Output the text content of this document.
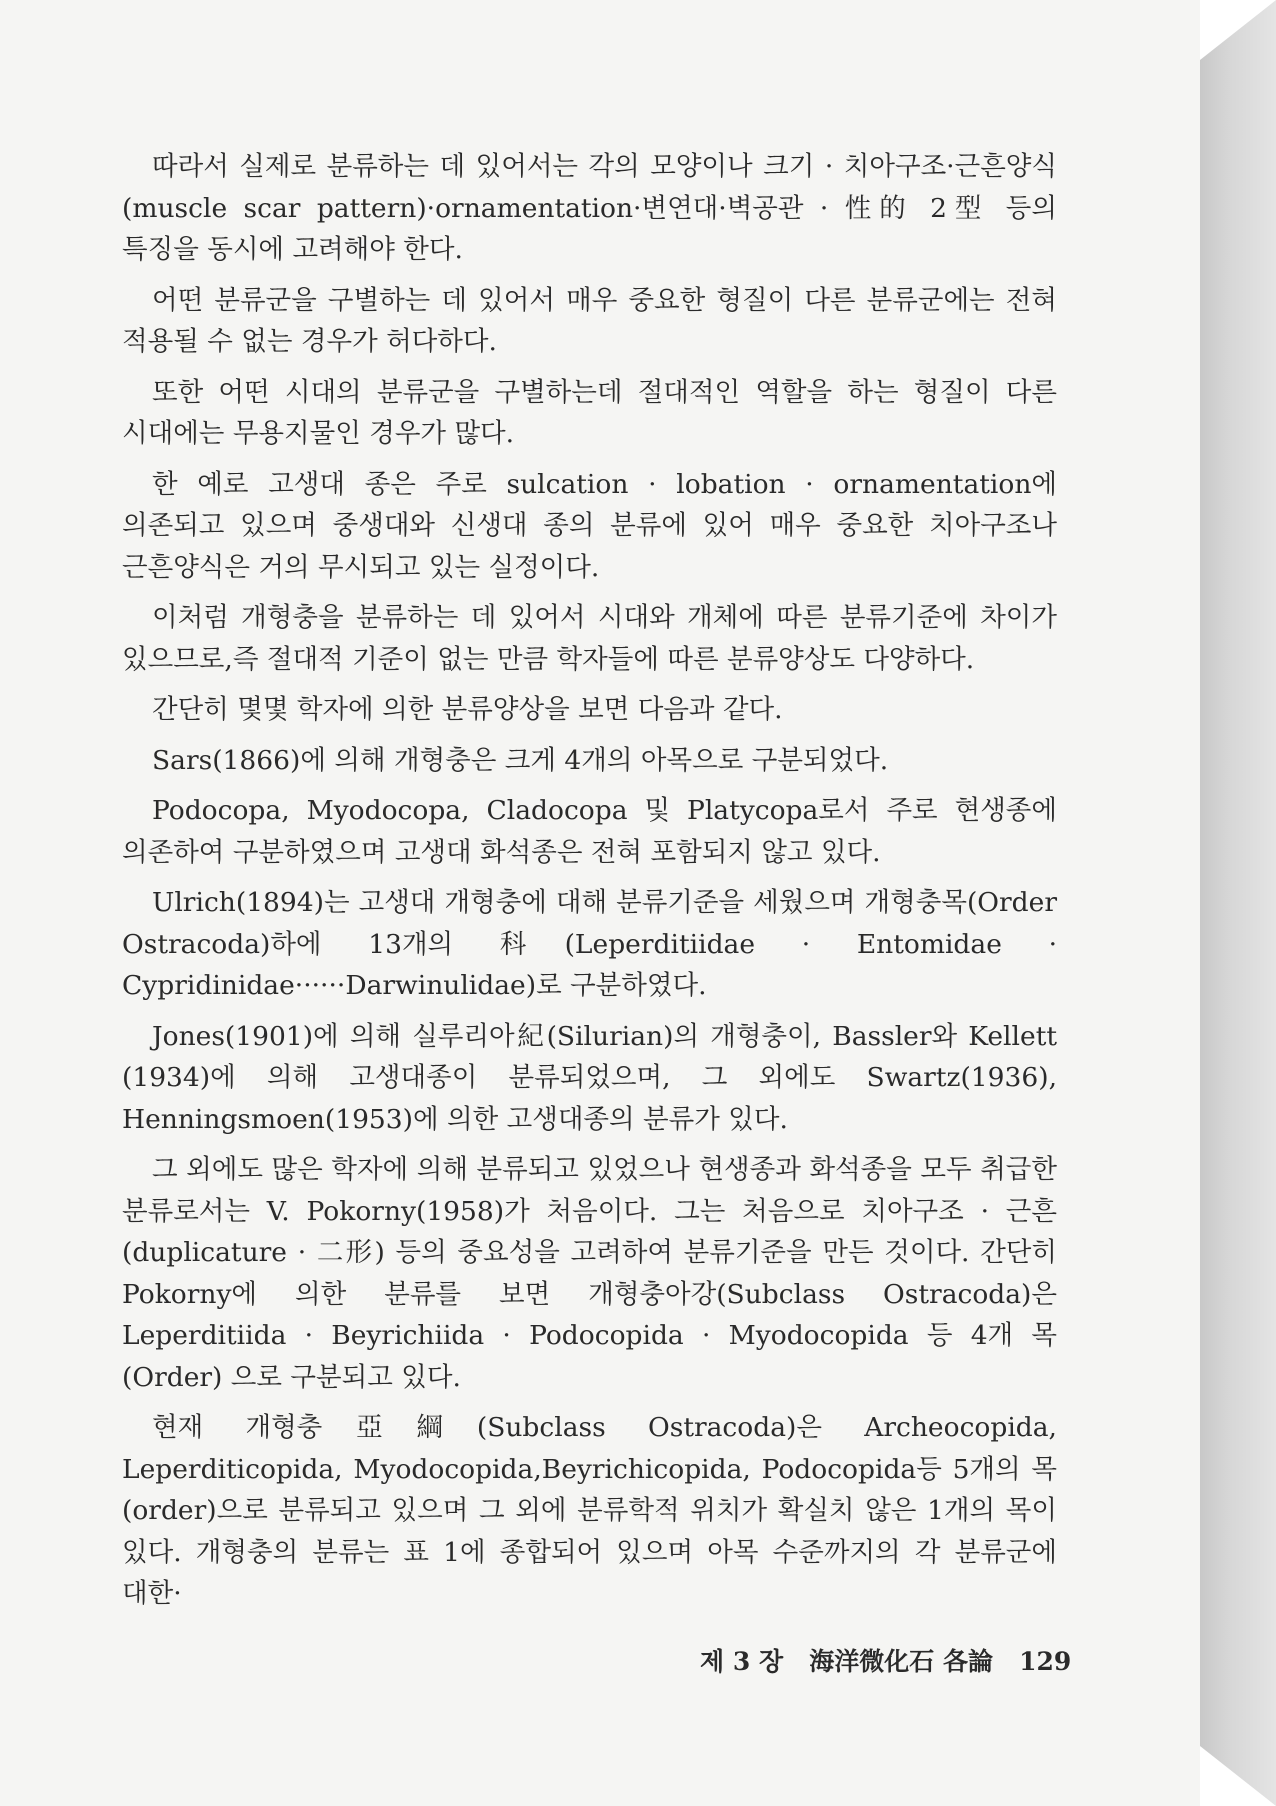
따라서 실제로 분류하는 데 있어서는 각의 모양이나 크기 · 치아구조·근흔양식 (muscle scar pattern)·ornamentation·변연대·벽공관 · 性的 2型 등의 특징을 동시에 고려해야 한다.

어떤 분류군을 구별하는 데 있어서 매우 중요한 형질이 다른 분류군에는 전혀 적용될 수 없는 경우가 허다하다.

또한 어떤 시대의 분류군을 구별하는데 절대적인 역할을 하는 형질이 다른 시대에는 무용지물인 경우가 많다.

한 예로 고생대 종은 주로 sulcation · lobation · ornamentation에 의존되고 있으며 중생대와 신생대 종의 분류에 있어 매우 중요한 치아구조나 근흔양식은 거의 무시되고 있는 실정이다.

이처럼 개형충을 분류하는 데 있어서 시대와 개체에 따른 분류기준에 차이가 있으므로,즉 절대적 기준이 없는 만큼 학자들에 따른 분류양상도 다양하다.

간단히 몇몇 학자에 의한 분류양상을 보면 다음과 같다.

Sars(1866)에 의해 개형충은 크게 4개의 아목으로 구분되었다.

Podocopa, Myodocopa, Cladocopa 및 Platycopa로서 주로 현생종에 의존하여 구분하였으며 고생대 화석종은 전혀 포함되지 않고 있다.

Ulrich(1894)는 고생대 개형충에 대해 분류기준을 세웠으며 개형충목(Order Ostracoda)하에 13개의 科(Leperditiidae · Entomidae · Cypridinidae······Darwinulidae)로 구분하였다.

Jones(1901)에 의해 실루리아紀(Silurian)의 개형충이, Bassler와 Kellett (1934)에 의해 고생대종이 분류되었으며, 그 외에도 Swartz(1936), Henningsmoen(1953)에 의한 고생대종의 분류가 있다.

그 외에도 많은 학자에 의해 분류되고 있었으나 현생종과 화석종을 모두 취급한 분류로서는 V. Pokorny(1958)가 처음이다. 그는 처음으로 치아구조 · 근흔(duplicature · 二形) 등의 중요성을 고려하여 분류기준을 만든 것이다. 간단히 Pokorny에 의한 분류를 보면 개형충아강(Subclass Ostracoda)은 Leperditiida · Beyrichiida · Podocopida · Myodocopida 등 4개 목(Order) 으로 구분되고 있다.

현재 개형충亞綱(Subclass Ostracoda)은 Archeocopida, Leperditicopida, Myodocopida,Beyrichicopida, Podocopida등 5개의 목(order)으로 분류되고 있으며 그 외에 분류학적 위치가 확실치 않은 1개의 목이 있다. 개형충의 분류는 표 1에 종합되어 있으며 아목 수준까지의 각 분류군에 대한·

제 3 장 海洋微化石 各論 129
